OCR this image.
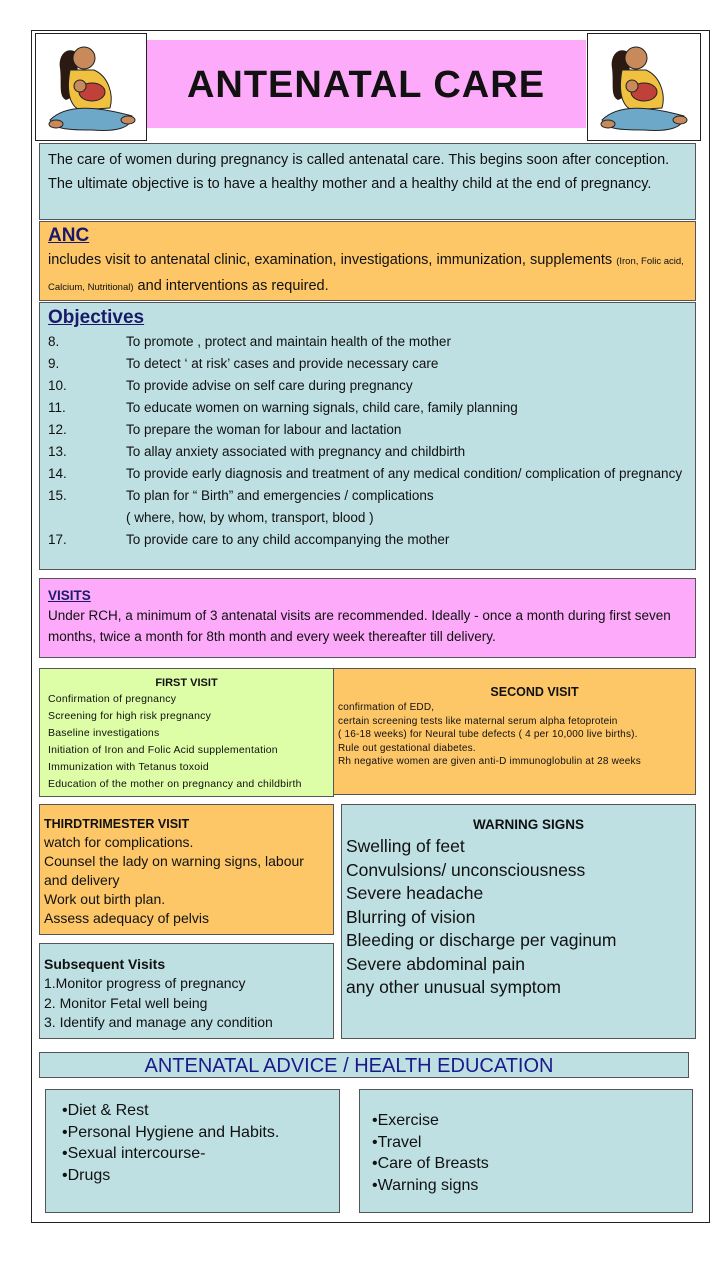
ANTENATAL CARE
The care of women during pregnancy is called antenatal care. This begins soon after conception. The ultimate objective is to have a healthy mother and a healthy child at the end of pregnancy.
ANC
includes visit to antenatal clinic, examination, investigations, immunization, supplements (Iron, Folic acid, Calcium, Nutritional) and interventions as required.
Objectives
8.	To promote , protect and maintain health of the mother
9.	To detect ‘ at risk’ cases and provide necessary care
10.	To provide advise on self care during pregnancy
11.	To educate women on warning signals, child care, family planning
12.	To prepare the woman for labour and lactation
13.	To allay anxiety associated with pregnancy and childbirth
14.	To provide early diagnosis and treatment of any medical condition/ complication of pregnancy
15.	To plan for “ Birth” and emergencies / complications
( where, how, by whom, transport, blood )
17.	To provide care to any child accompanying the mother
VISITS
Under RCH, a minimum of 3 antenatal visits are recommended. Ideally - once a month during first seven months, twice a month for 8th month and every week thereafter till delivery.
FIRST VISIT
Confirmation of pregnancy
Screening for high risk pregnancy
Baseline investigations
Initiation of Iron and Folic Acid supplementation
Immunization with Tetanus toxoid
Education of the mother on pregnancy and childbirth
SECOND VISIT
confirmation of EDD,
certain screening tests like maternal serum alpha fetoprotein
( 16-18 weeks) for Neural tube defects ( 4 per 10,000 live births).
Rule out gestational diabetes.
Rh negative women are given anti-D immunoglobulin at 28 weeks
THIRDTRIMESTER VISIT
watch for complications.
Counsel the lady on warning signs, labour and delivery
Work out birth plan.
Assess adequacy of pelvis
WARNING SIGNS
Swelling of feet
Convulsions/ unconsciousness
Severe headache
Blurring of vision
Bleeding or discharge per vaginum
Severe abdominal pain
any other unusual symptom
Subsequent Visits
1.Monitor progress of pregnancy
2. Monitor Fetal well being
3. Identify and manage any condition
ANTENATAL ADVICE / HEALTH EDUCATION
•Diet & Rest
•Personal Hygiene and Habits.
•Sexual intercourse-
•Drugs
•Exercise
•Travel
•Care of Breasts
•Warning signs
